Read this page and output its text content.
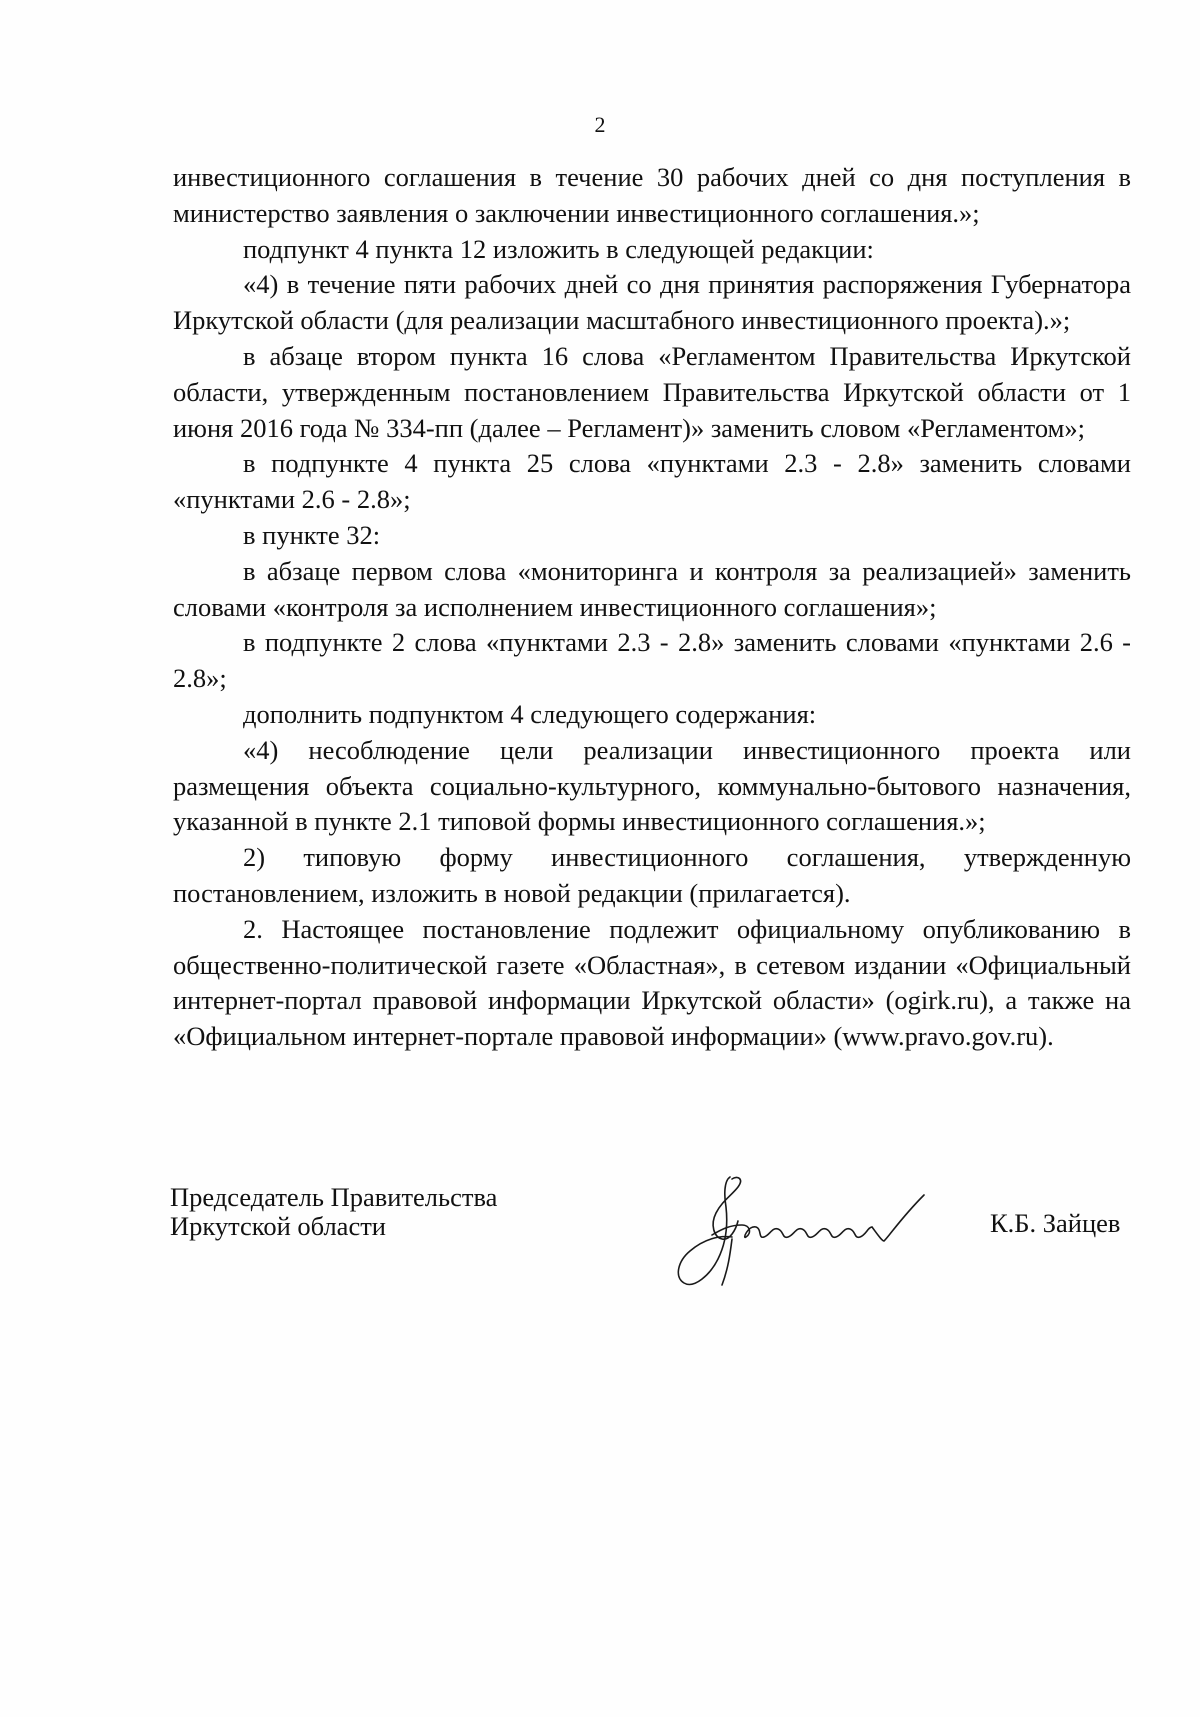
2

инвестиционного соглашения в течение 30 рабочих дней со дня поступления в министерство заявления о заключении инвестиционного соглашения.»;

подпункт 4 пункта 12 изложить в следующей редакции:

«4) в течение пяти рабочих дней со дня принятия распоряжения Губернатора Иркутской области (для реализации масштабного инвестиционного проекта).»;

в абзаце втором пункта 16 слова «Регламентом Правительства Иркутской области, утвержденным постановлением Правительства Иркутской области от 1 июня 2016 года № 334-пп (далее – Регламент)» заменить словом «Регламентом»;

в подпункте 4 пункта 25 слова «пунктами 2.3 - 2.8» заменить словами «пунктами 2.6 - 2.8»;

в пункте 32:

в абзаце первом слова «мониторинга и контроля за реализацией» заменить словами «контроля за исполнением инвестиционного соглашения»;

в подпункте 2 слова «пунктами 2.3 - 2.8» заменить словами «пунктами 2.6 - 2.8»;

дополнить подпунктом 4 следующего содержания:

«4) несоблюдение цели реализации инвестиционного проекта или размещения объекта социально-культурного, коммунально-бытового назначения, указанной в пункте 2.1 типовой формы инвестиционного соглашения.»;

2) типовую форму инвестиционного соглашения, утвержденную постановлением, изложить в новой редакции (прилагается).

2. Настоящее постановление подлежит официальному опубликованию в общественно-политической газете «Областная», в сетевом издании «Официальный интернет-портал правовой информации Иркутской области» (ogirk.ru), а также на «Официальном интернет-портале правовой информации» (www.pravo.gov.ru).

Председатель Правительства
Иркутской области	К.Б. Зайцев
